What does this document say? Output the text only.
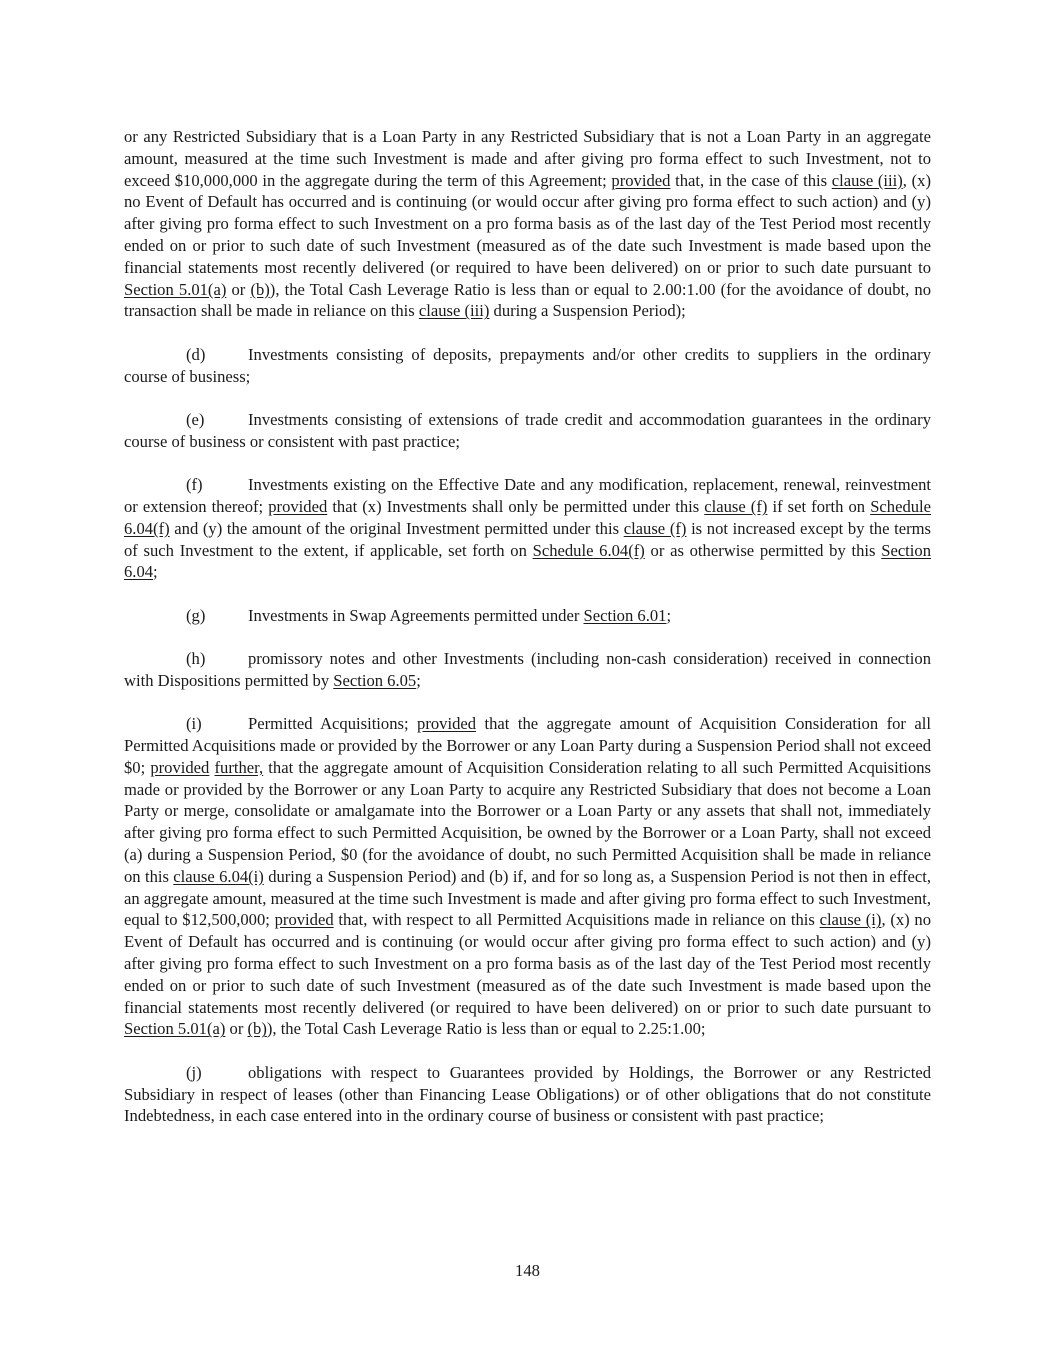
or any Restricted Subsidiary that is a Loan Party in any Restricted Subsidiary that is not a Loan Party in an aggregate amount, measured at the time such Investment is made and after giving pro forma effect to such Investment, not to exceed $10,000,000 in the aggregate during the term of this Agreement; provided that, in the case of this clause (iii), (x) no Event of Default has occurred and is continuing (or would occur after giving pro forma effect to such action) and (y) after giving pro forma effect to such Investment on a pro forma basis as of the last day of the Test Period most recently ended on or prior to such date of such Investment (measured as of the date such Investment is made based upon the financial statements most recently delivered (or required to have been delivered) on or prior to such date pursuant to Section 5.01(a) or (b)), the Total Cash Leverage Ratio is less than or equal to 2.00:1.00 (for the avoidance of doubt, no transaction shall be made in reliance on this clause (iii) during a Suspension Period);

(d)	Investments consisting of deposits, prepayments and/or other credits to suppliers in the ordinary course of business;

(e)	Investments consisting of extensions of trade credit and accommodation guarantees in the ordinary course of business or consistent with past practice;

(f)	Investments existing on the Effective Date and any modification, replacement, renewal, reinvestment or extension thereof; provided that (x) Investments shall only be permitted under this clause (f) if set forth on Schedule 6.04(f) and (y) the amount of the original Investment permitted under this clause (f) is not increased except by the terms of such Investment to the extent, if applicable, set forth on Schedule 6.04(f) or as otherwise permitted by this Section 6.04;

(g)	Investments in Swap Agreements permitted under Section 6.01;

(h)	promissory notes and other Investments (including non-cash consideration) received in connection with Dispositions permitted by Section 6.05;

(i)	Permitted Acquisitions; provided that the aggregate amount of Acquisition Consideration for all Permitted Acquisitions made or provided by the Borrower or any Loan Party during a Suspension Period shall not exceed $0; provided further, that the aggregate amount of Acquisition Consideration relating to all such Permitted Acquisitions made or provided by the Borrower or any Loan Party to acquire any Restricted Subsidiary that does not become a Loan Party or merge, consolidate or amalgamate into the Borrower or a Loan Party or any assets that shall not, immediately after giving pro forma effect to such Permitted Acquisition, be owned by the Borrower or a Loan Party, shall not exceed (a) during a Suspension Period, $0 (for the avoidance of doubt, no such Permitted Acquisition shall be made in reliance on this clause 6.04(i) during a Suspension Period) and (b) if, and for so long as, a Suspension Period is not then in effect, an aggregate amount, measured at the time such Investment is made and after giving pro forma effect to such Investment, equal to $12,500,000; provided that, with respect to all Permitted Acquisitions made in reliance on this clause (i), (x) no Event of Default has occurred and is continuing (or would occur after giving pro forma effect to such action) and (y) after giving pro forma effect to such Investment on a pro forma basis as of the last day of the Test Period most recently ended on or prior to such date of such Investment (measured as of the date such Investment is made based upon the financial statements most recently delivered (or required to have been delivered) on or prior to such date pursuant to Section 5.01(a) or (b)), the Total Cash Leverage Ratio is less than or equal to 2.25:1.00;

(j)	obligations with respect to Guarantees provided by Holdings, the Borrower or any Restricted Subsidiary in respect of leases (other than Financing Lease Obligations) or of other obligations that do not constitute Indebtedness, in each case entered into in the ordinary course of business or consistent with past practice;

148
